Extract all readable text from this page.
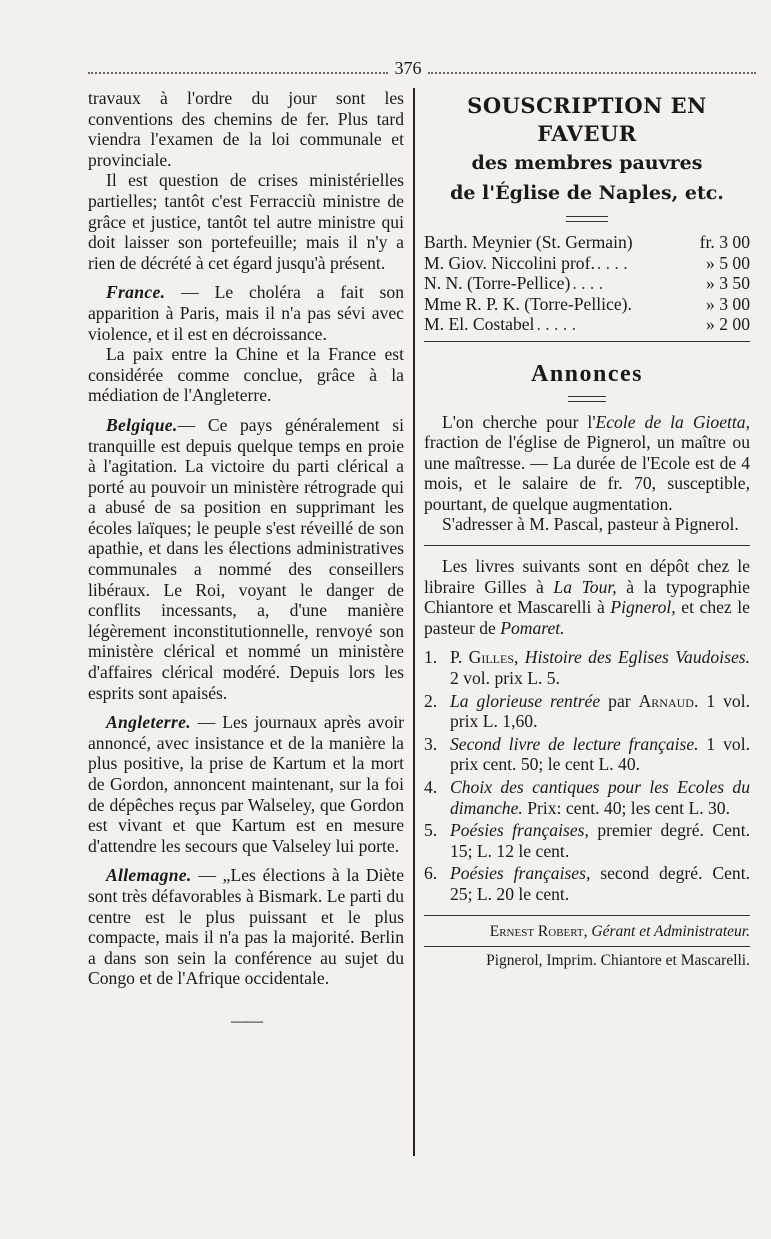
376

travaux à l'ordre du jour sont les conventions des chemins de fer. Plus tard viendra l'examen de la loi communale et provinciale.

Il est question de crises ministérielles partielles; tantôt c'est Ferracciù ministre de grâce et justice, tantôt tel autre ministre qui doit laisser son portefeuille; mais il n'y a rien de décrété à cet égard jusqu'à présent.

France. — Le choléra a fait son apparition à Paris, mais il n'a pas sévi avec violence, et il est en décroissance.

La paix entre la Chine et la France est considérée comme conclue, grâce à la médiation de l'Angleterre.

Belgique.— Ce pays généralement si tranquille est depuis quelque temps en proie à l'agitation. La victoire du parti clérical a porté au pouvoir un ministère rétrograde qui a abusé de sa position en supprimant les écoles laïques; le peuple s'est réveillé de son apathie, et dans les élections administratives communales a nommé des conseillers libéraux. Le Roi, voyant le danger de conflits incessants, a, d'une manière légèrement inconstitutionnelle, renvoyé son ministère clérical et nommé un ministère d'affaires clérical modéré. Depuis lors les esprits sont apaisés.

Angleterre. — Les journaux après avoir annoncé, avec insistance et de la manière la plus positive, la prise de Kartum et la mort de Gordon, annoncent maintenant, sur la foi de dépêches reçus par Walseley, que Gordon est vivant et que Kartum est en mesure d'attendre les secours que Valseley lui porte.

Allemagne. — „Les élections à la Diète sont très défavorables à Bismark. Le parti du centre est le plus puissant et le plus compacte, mais il n'a pas la majorité. Berlin a dans son sein la conférence au sujet du Congo et de l'Afrique occidentale.

——
SOUSCRIPTION EN FAVEUR
des membres pauvres
de l'Église de Naples, etc.
Barth. Meynier (St. Germain)	fr. 3 00
M. Giov. Niccolini prof. . . . .	» 5 00
N. N. (Torre-Pellice) . . . .	» 3 50
Mme R. P. K. (Torre-Pellice).	» 3 00
M. El. Costabel . . . . .	» 2 00
Annonces

L'on cherche pour l'Ecole de la Gioetta, fraction de l'église de Pignerol, un maître ou une maîtresse. — La durée de l'Ecole est de 4 mois, et le salaire de fr. 70, susceptible, pourtant, de quelque augmentation.

S'adresser à M. Pascal, pasteur à Pignerol.

Les livres suivants sont en dépôt chez le libraire Gilles à La Tour, à la typographie Chiantore et Mascarelli à Pignerol, et chez le pasteur de Pomaret.

1. P. Gilles, Histoire des Eglises Vaudoises. 2 vol. prix L. 5.
2. La glorieuse rentrée par Arnaud. 1 vol. prix L. 1,60.
3. Second livre de lecture française. 1 vol. prix cent. 50; le cent L. 40.
4. Choix des cantiques pour les Ecoles du dimanche. Prix: cent. 40; les cent L. 30.
5. Poésies françaises, premier degré. Cent. 15; L. 12 le cent.
6. Poésies françaises, second degré. Cent. 25; L. 20 le cent.
Ernest Robert, Gérant et Administrateur.
Pignerol, Imprim. Chiantore et Mascarelli.
